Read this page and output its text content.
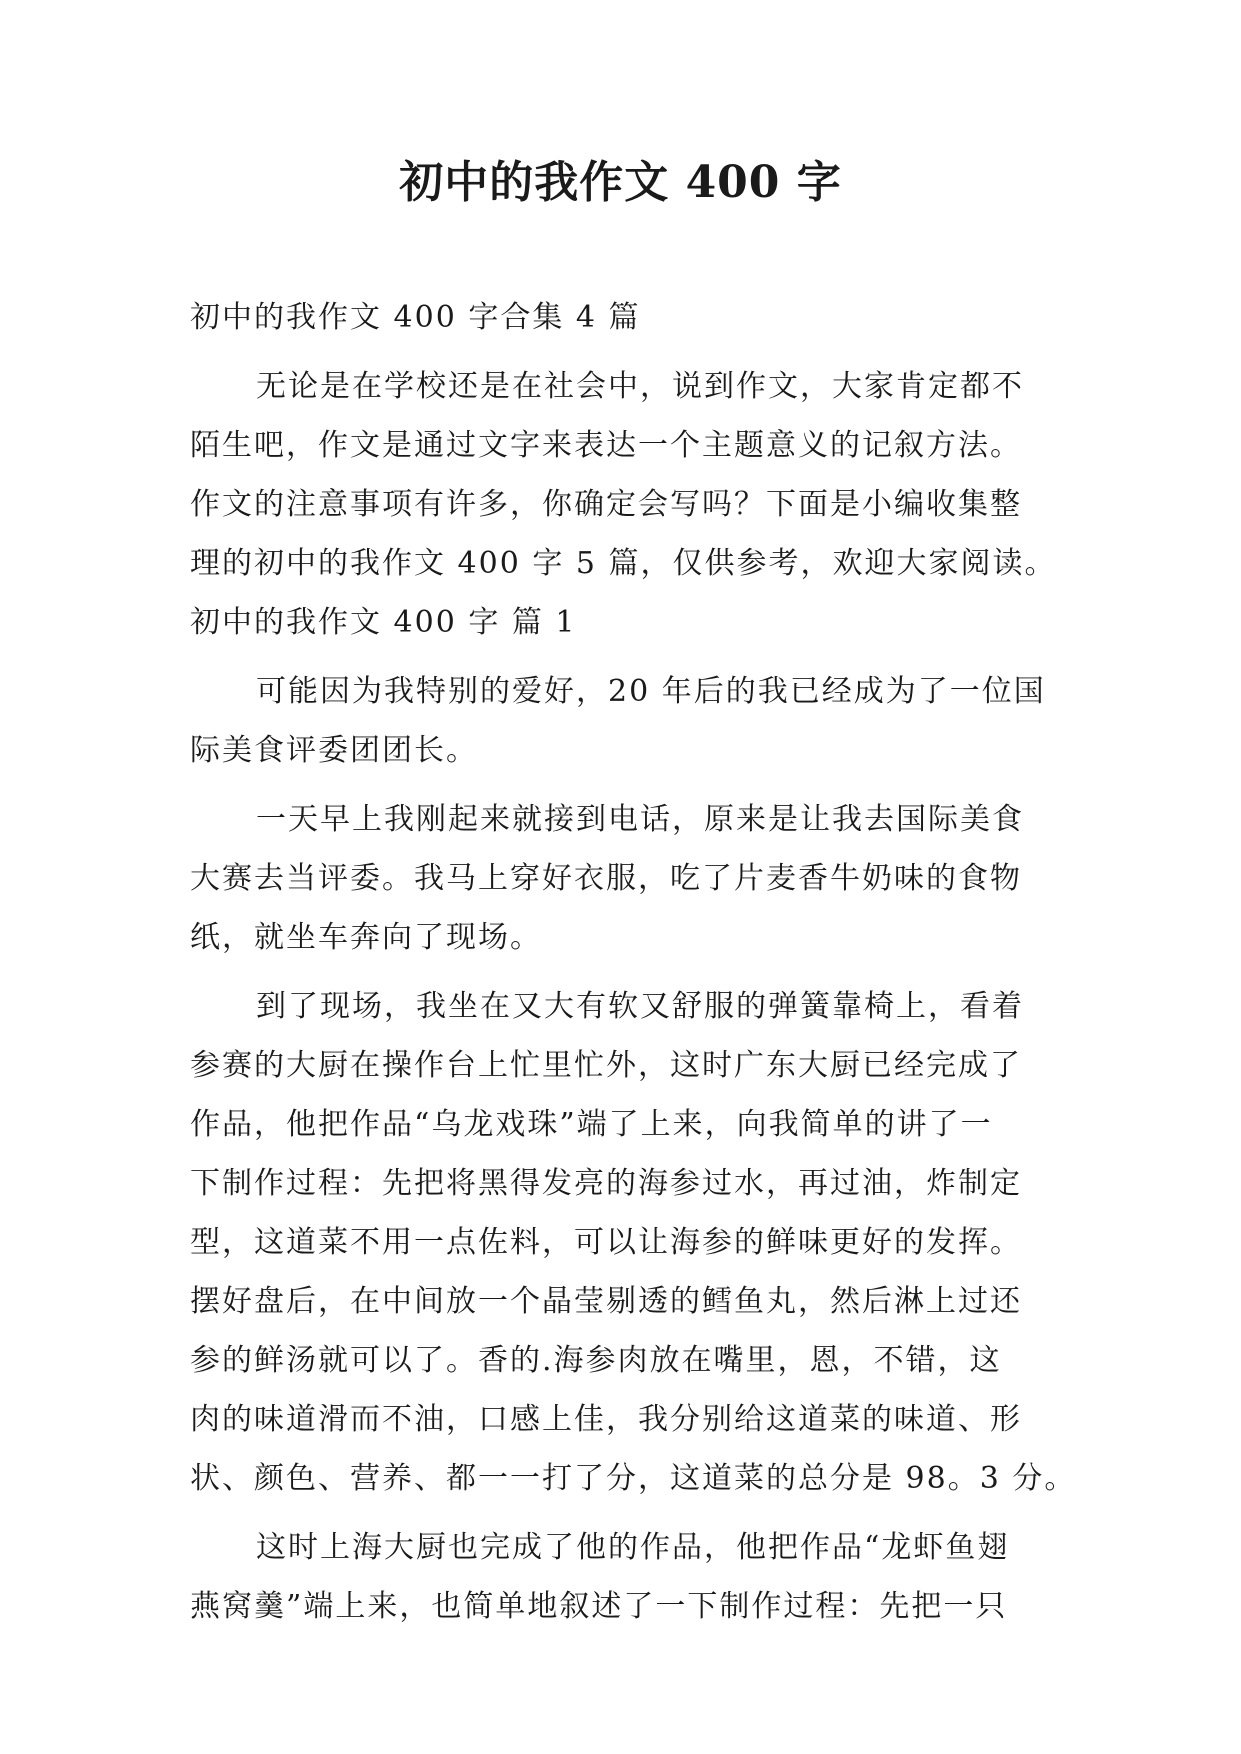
初中的我作文 400 字
初中的我作文 400 字合集 4 篇
无论是在学校还是在社会中，说到作文，大家肯定都不
陌生吧，作文是通过文字来表达一个主题意义的记叙方法。
作文的注意事项有许多，你确定会写吗？下面是小编收集整
理的初中的我作文 400 字 5 篇，仅供参考，欢迎大家阅读。
初中的我作文 400 字 篇 1
可能因为我特别的爱好，20 年后的我已经成为了一位国
际美食评委团团长。
一天早上我刚起来就接到电话，原来是让我去国际美食
大赛去当评委。我马上穿好衣服，吃了片麦香牛奶味的食物
纸，就坐车奔向了现场。
到了现场，我坐在又大有软又舒服的弹簧靠椅上，看着
参赛的大厨在操作台上忙里忙外，这时广东大厨已经完成了
作品，他把作品“乌龙戏珠”端了上来，向我简单的讲了一
下制作过程：先把将黑得发亮的海参过水，再过油，炸制定
型，这道菜不用一点佐料，可以让海参的鲜味更好的发挥。
摆好盘后，在中间放一个晶莹剔透的鳕鱼丸，然后淋上过还
参的鲜汤就可以了。香的.海参肉放在嘴里，恩，不错，这
肉的味道滑而不油，口感上佳，我分别给这道菜的味道、形
状、颜色、营养、都一一打了分，这道菜的总分是 98。3 分。
这时上海大厨也完成了他的作品，他把作品“龙虾鱼翅
燕窝羹”端上来，也简单地叙述了一下制作过程：先把一只
